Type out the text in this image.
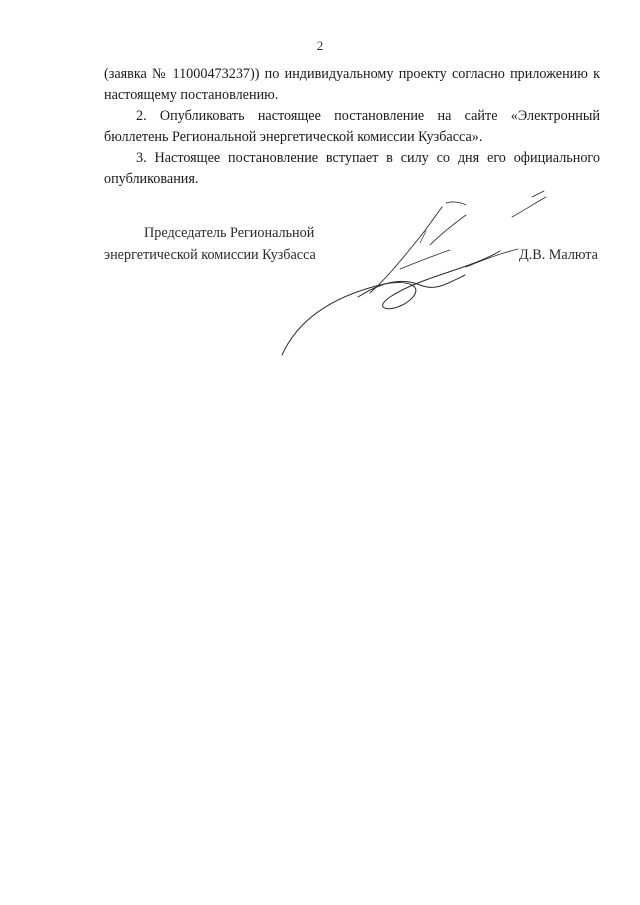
2

(заявка № 11000473237)) по индивидуальному проекту согласно приложению к настоящему постановлению.

2. Опубликовать настоящее постановление на сайте «Электронный бюллетень Региональной энергетической комиссии Кузбасса».

3. Настоящее постановление вступает в силу со дня его официального опубликования.

Председатель Региональной
энергетической комиссии Кузбасса	Д.В. Малюта
